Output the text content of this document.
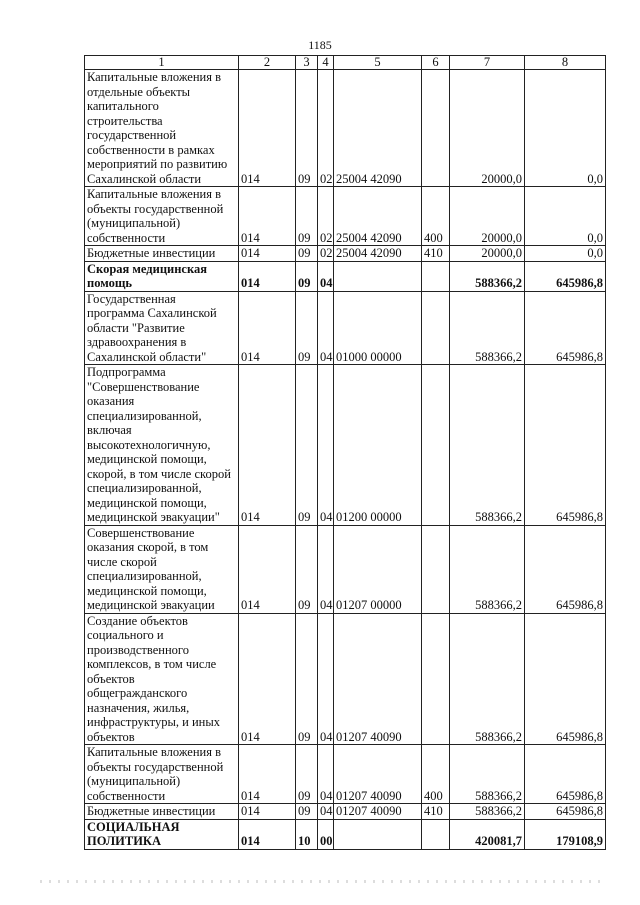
1185
1	2	3	4	5	6	7	8
Капитальные вложения в отдельные объекты капитального строительства государственной собственности в рамках мероприятий по развитию Сахалинской области	014	09	02	25004 42090		20000,0	0,0
Капитальные вложения в объекты государственной (муниципальной) собственности	014	09	02	25004 42090	400	20000,0	0,0
Бюджетные инвестиции	014	09	02	25004 42090	410	20000,0	0,0
Скорая медицинская помощь	014	09	04			588366,2	645986,8
Государственная программа Сахалинской области "Развитие здравоохранения в Сахалинской области"	014	09	04	01000 00000		588366,2	645986,8
Подпрограмма "Совершенствование оказания специализированной, включая высокотехнологичную, медицинской помощи, скорой, в том числе скорой специализированной, медицинской помощи, медицинской эвакуации"	014	09	04	01200 00000		588366,2	645986,8
Совершенствование оказания скорой, в том числе скорой специализированной, медицинской помощи, медицинской эвакуации	014	09	04	01207 00000		588366,2	645986,8
Создание объектов социального и производственного комплексов, в том числе объектов общегражданского назначения, жилья, инфраструктуры, и иных объектов	014	09	04	01207 40090		588366,2	645986,8
Капитальные вложения в объекты государственной (муниципальной) собственности	014	09	04	01207 40090	400	588366,2	645986,8
Бюджетные инвестиции	014	09	04	01207 40090	410	588366,2	645986,8
СОЦИАЛЬНАЯ ПОЛИТИКА	014	10	00			420081,7	179108,9
